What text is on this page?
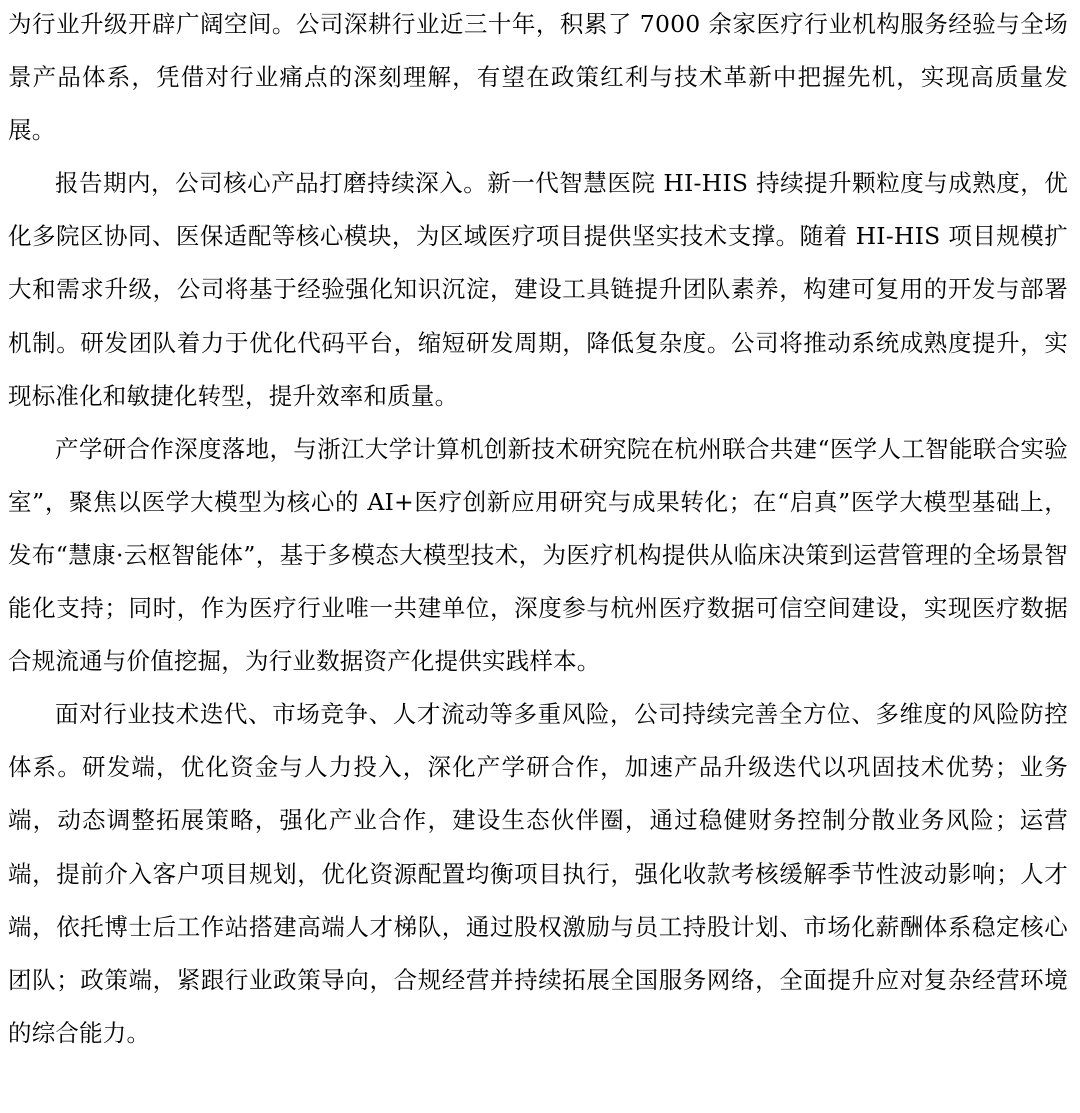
为行业升级开辟广阔空间。公司深耕行业近三十年，积累了 7000 余家医疗行业机构服务经验与全场景产品体系，凭借对行业痛点的深刻理解，有望在政策红利与技术革新中把握先机，实现高质量发展。

报告期内，公司核心产品打磨持续深入。新一代智慧医院 HI-HIS 持续提升颗粒度与成熟度，优化多院区协同、医保适配等核心模块，为区域医疗项目提供坚实技术支撑。随着 HI-HIS 项目规模扩大和需求升级，公司将基于经验强化知识沉淀，建设工具链提升团队素养，构建可复用的开发与部署机制。研发团队着力于优化代码平台，缩短研发周期，降低复杂度。公司将推动系统成熟度提升，实现标准化和敏捷化转型，提升效率和质量。

产学研合作深度落地，与浙江大学计算机创新技术研究院在杭州联合共建“医学人工智能联合实验室”，聚焦以医学大模型为核心的 AI+医疗创新应用研究与成果转化；在“启真”医学大模型基础上，发布“慧康·云枢智能体”，基于多模态大模型技术，为医疗机构提供从临床决策到运营管理的全场景智能化支持；同时，作为医疗行业唯一共建单位，深度参与杭州医疗数据可信空间建设，实现医疗数据合规流通与价值挖掘，为行业数据资产化提供实践样本。

面对行业技术迭代、市场竞争、人才流动等多重风险，公司持续完善全方位、多维度的风险防控体系。研发端，优化资金与人力投入，深化产学研合作，加速产品升级迭代以巩固技术优势；业务端，动态调整拓展策略，强化产业合作，建设生态伙伴圈，通过稳健财务控制分散业务风险；运营端，提前介入客户项目规划，优化资源配置均衡项目执行，强化收款考核缓解季节性波动影响；人才端，依托博士后工作站搭建高端人才梯队，通过股权激励与员工持股计划、市场化薪酬体系稳定核心团队；政策端，紧跟行业政策导向，合规经营并持续拓展全国服务网络，全面提升应对复杂经营环境的综合能力。
